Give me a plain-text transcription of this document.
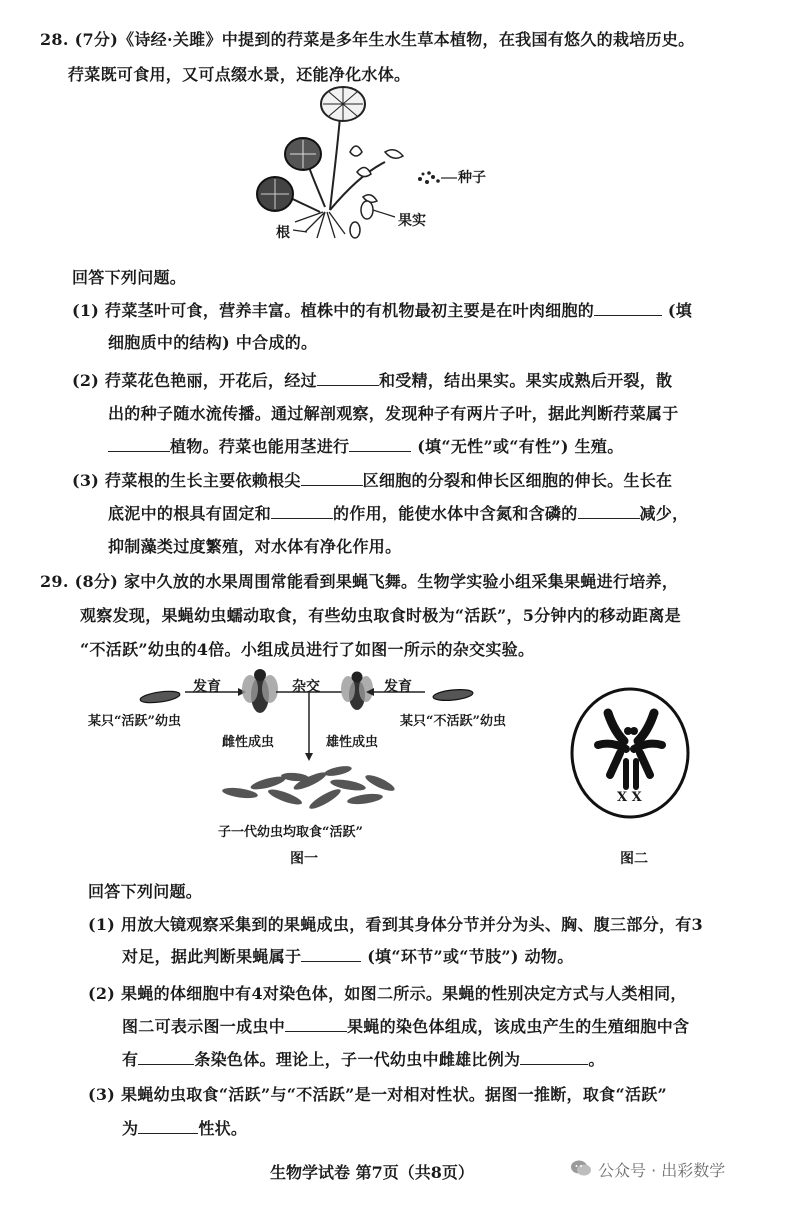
28. (7分)《诗经·关雎》中提到的荇菜是多年生水生草本植物，在我国有悠久的栽培历史。
荇菜既可食用，又可点缀水景，还能净化水体。
种子
果实
根
回答下列问题。
(1) 荇菜茎叶可食，营养丰富。植株中的有机物最初主要是在叶肉细胞的	(填
细胞质中的结构) 中合成的。
(2) 荇菜花色艳丽，开花后，经过	和受精，结出果实。果实成熟后开裂，散
出的种子随水流传播。通过解剖观察，发现种子有两片子叶，据此判断荇菜属于
植物。荇菜也能用茎进行	(填“无性”或“有性”) 生殖。
(3) 荇菜根的生长主要依赖根尖	区细胞的分裂和伸长区细胞的伸长。生长在
底泥中的根具有固定和	的作用，能使水体中含氮和含磷的	减少，
抑制藻类过度繁殖，对水体有净化作用。
29. (8分) 家中久放的水果周围常能看到果蝇飞舞。生物学实验小组采集果蝇进行培养，
观察发现，果蝇幼虫蠕动取食，有些幼虫取食时极为“活跃”，5分钟内的移动距离是
“不活跃”幼虫的4倍。小组成员进行了如图一所示的杂交实验。
发育	杂交	发育
某只“活跃”幼虫	某只“不活跃”幼虫
雌性成虫	雄性成虫
子一代幼虫均取食“活跃”
图一
X X
图二
回答下列问题。
(1) 用放大镜观察采集到的果蝇成虫，看到其身体分节并分为头、胸、腹三部分，有3
对足，据此判断果蝇属于	(填“环节”或“节肢”) 动物。
(2) 果蝇的体细胞中有4对染色体，如图二所示。果蝇的性别决定方式与人类相同，
图二可表示图一成虫中	果蝇的染色体组成，该成虫产生的生殖细胞中含
有	条染色体。理论上，子一代幼虫中雌雄比例为	。
(3) 果蝇幼虫取食“活跃”与“不活跃”是一对相对性状。据图一推断，取食“活跃”
为	性状。
生物学试卷 第7页（共8页）	公众号 · 出彩数学
